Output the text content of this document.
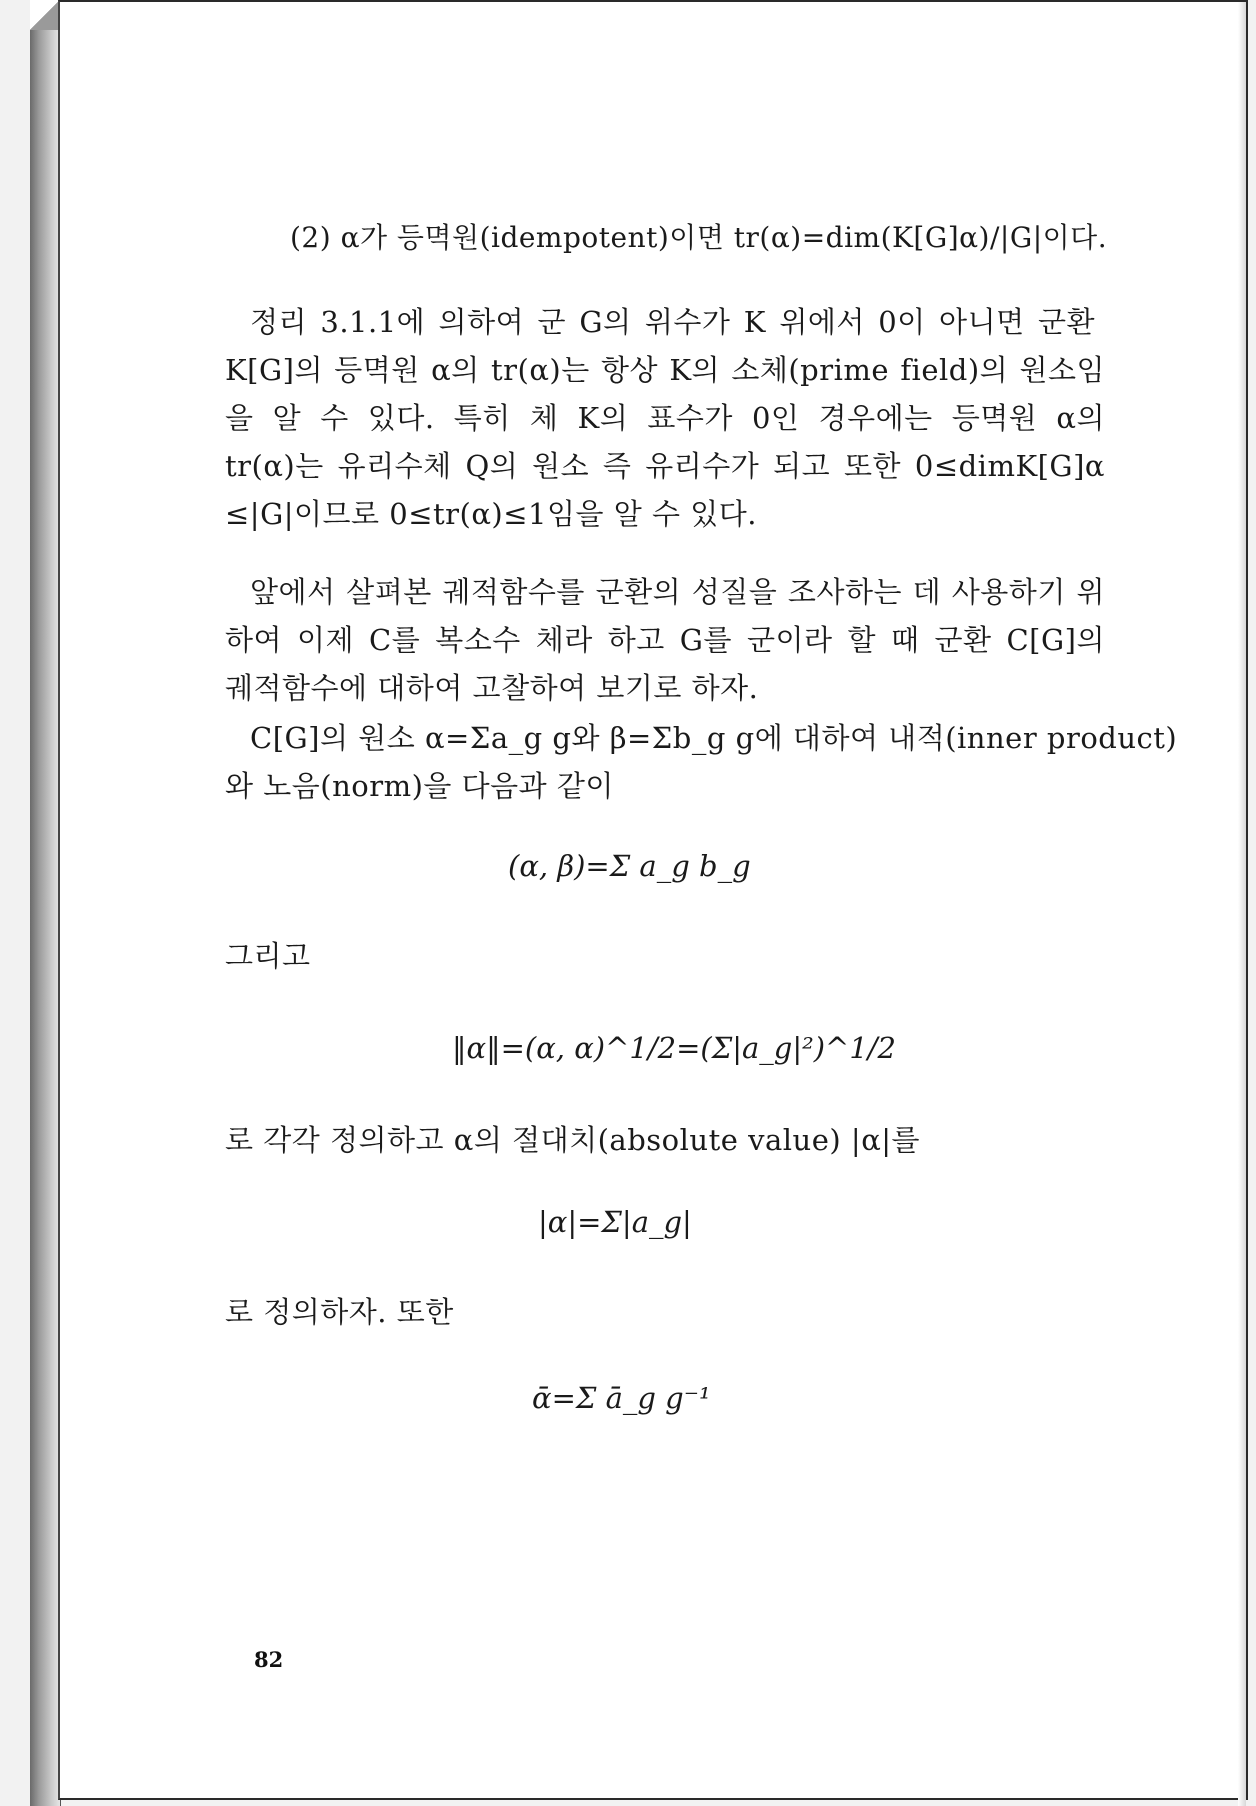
(2) α가 등멱원(idempotent)이면 tr(α)=dim(K[G]α)/|G|이다.
정리 3.1.1에 의하여 군 G의 위수가 K 위에서 0이 아니면 군환
K[G]의 등멱원 α의 tr(α)는 항상 K의 소체(prime field)의 원소임
을 알 수 있다. 특히 체 K의 표수가 0인 경우에는 등멱원 α의
tr(α)는 유리수체 Q의 원소 즉 유리수가 되고 또한 0≤dimK[G]α
≤|G|이므로 0≤tr(α)≤1임을 알 수 있다.
앞에서 살펴본 궤적함수를 군환의 성질을 조사하는 데 사용하기 위
하여 이제 C를 복소수 체라 하고 G를 군이라 할 때 군환 C[G]의
궤적함수에 대하여 고찰하여 보기로 하자.
C[G]의 원소 α=Σa_g g와 β=Σb_g g에 대하여 내적(inner product)
와 노음(norm)을 다음과 같이
(α, β)=Σ a_g b_g
그리고
‖α‖=(α, α)^1/2=(Σ|a_g|²)^1/2
로 각각 정의하고 α의 절대치(absolute value) |α|를
|α|=Σ|a_g|
로 정의하자. 또한
ᾱ=Σ ā_g g⁻¹
82
